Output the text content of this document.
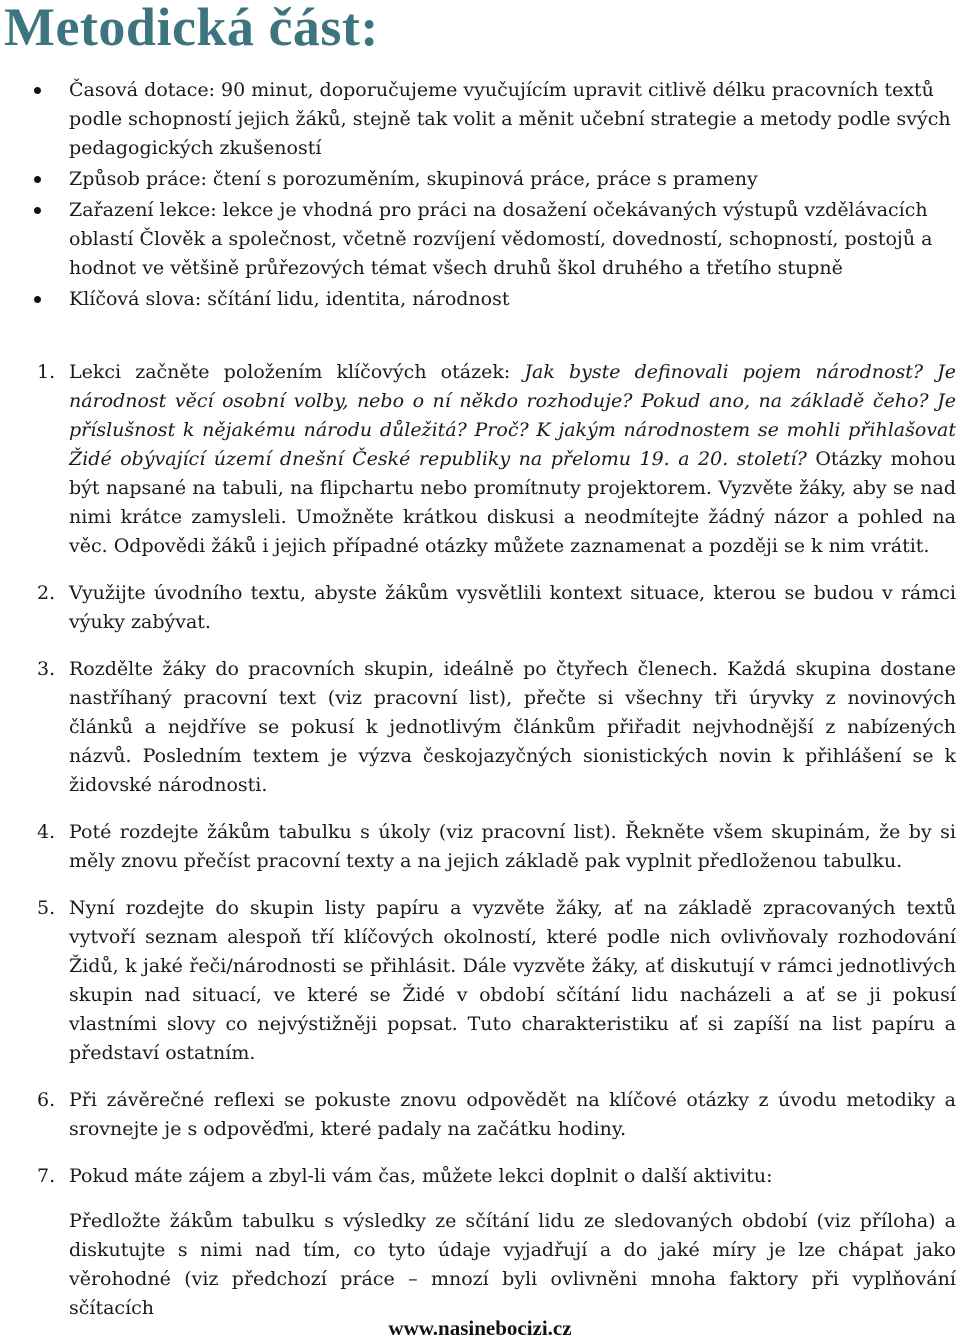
Metodická část:
Časová dotace: 90 minut, doporučujeme vyučujícím upravit citlivě délku pracovních textů podle schopností jejich žáků, stejně tak volit a měnit učební strategie a metody podle svých pedagogických zkušeností
Způsob práce: čtení s porozuměním, skupinová práce, práce s prameny
Zařazení lekce: lekce je vhodná pro práci na dosažení očekávaných výstupů vzdělávacích oblastí Člověk a společnost, včetně rozvíjení vědomostí, dovedností, schopností, postojů a hodnot ve většině průřezových témat všech druhů škol druhého a třetího stupně
Klíčová slova: sčítání lidu, identita, národnost
1. Lekci začněte položením klíčových otázek: Jak byste definovali pojem národnost? Je národnost věcí osobní volby, nebo o ní někdo rozhoduje? Pokud ano, na základě čeho? Je příslušnost k nějakému národu důležitá? Proč? K jakým národnostem se mohli přihlašovat Židé obývající území dnešní České republiky na přelomu 19. a 20. století? Otázky mohou být napsané na tabuli, na flipchartu nebo promítnuty projektorem. Vyzvěte žáky, aby se nad nimi krátce zamysleli. Umožněte krátkou diskusi a neodmítejte žádný názor a pohled na věc. Odpovědi žáků i jejich případné otázky můžete zaznamenat a později se k nim vrátit.
2. Využijte úvodního textu, abyste žákům vysvětlili kontext situace, kterou se budou v rámci výuky zabývat.
3. Rozdělte žáky do pracovních skupin, ideálně po čtyřech členech. Každá skupina dostane nastříhaný pracovní text (viz pracovní list), přečte si všechny tři úryvky z novinových článků a nejdříve se pokusí k jednotlivým článkům přiřadit nejvhodnější z nabízených názvů. Posledním textem je výzva českojazyčných sionistických novin k přihlášení se k židovské národnosti.
4. Poté rozdejte žákům tabulku s úkoly (viz pracovní list). Řekněte všem skupinám, že by si měly znovu přečíst pracovní texty a na jejich základě pak vyplnit předloženou tabulku.
5. Nyní rozdejte do skupin listy papíru a vyzvěte žáky, ať na základě zpracovaných textů vytvoří seznam alespoň tří klíčových okolností, které podle nich ovlivňovaly rozhodování Židů, k jaké řeči/národnosti se přihlásit. Dále vyzvěte žáky, ať diskutují v rámci jednotlivých skupin nad situací, ve které se Židé v období sčítání lidu nacházeli a ať se ji pokusí vlastními slovy co nejvýstižněji popsat. Tuto charakteristiku ať si zapíší na list papíru a představí ostatním.
6. Při závěrečné reflexi se pokuste znovu odpovědět na klíčové otázky z úvodu metodiky a srovnejte je s odpověďmi, které padaly na začátku hodiny.
7. Pokud máte zájem a zbyl-li vám čas, můžete lekci doplnit o další aktivitu:
Předložte žákům tabulku s výsledky ze sčítání lidu ze sledovaných období (viz příloha) a diskutujte s nimi nad tím, co tyto údaje vyjadřují a do jaké míry je lze chápat jako věrohodné (viz předchozí práce – mnozí byli ovlivněni mnoha faktory při vyplňování sčítacích
www.nasinebocizi.cz
